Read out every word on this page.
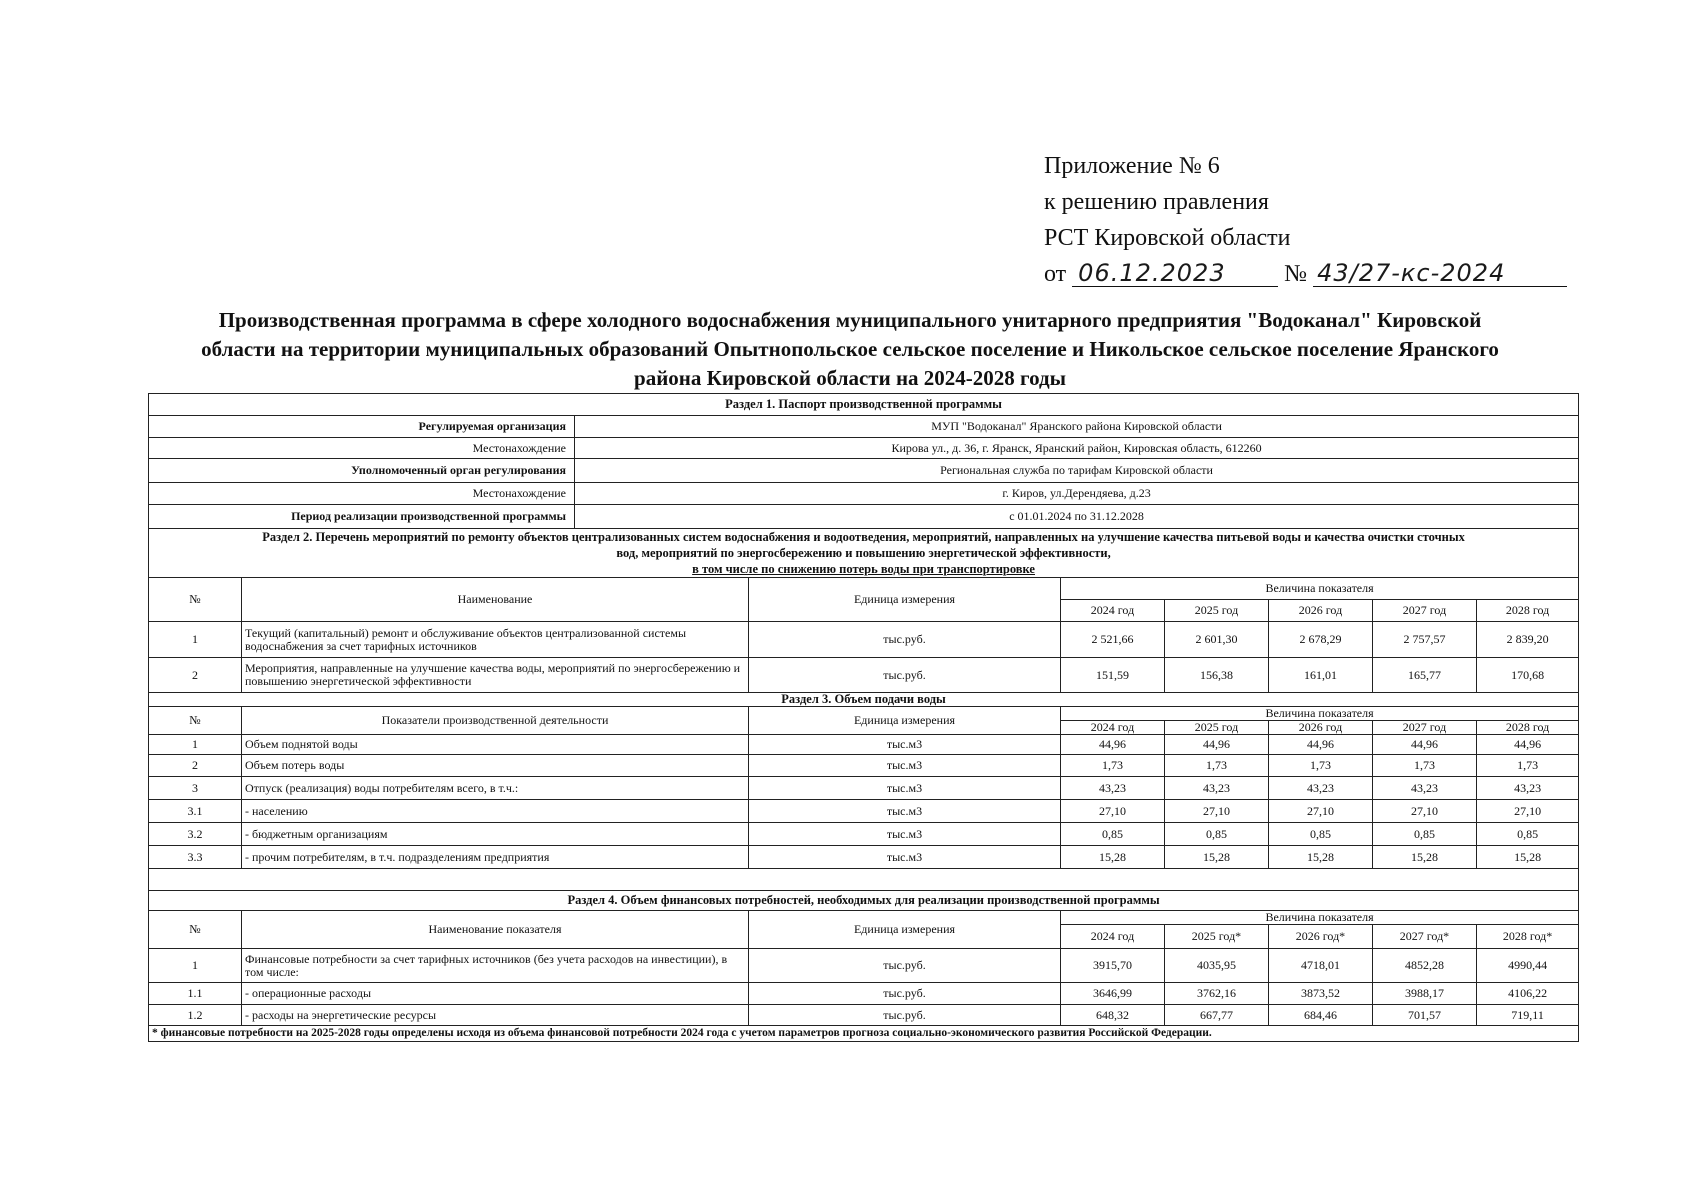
Приложение № 6
к решению правления
РСТ Кировской области
от 06.12.2023 № 43/27-кс-2024
Производственная программа в сфере холодного водоснабжения муниципального унитарного предприятия "Водоканал" Кировской
области на территории муниципальных образований Опытнопольское сельское поселение и Никольское сельское поселение Яранского
района Кировской области на 2024-2028 годы
Раздел 1. Паспорт производственной программы								
Регулируемая организация		МУП "Водоканал" Яранского района Кировской области						
Местонахождение		Кирова ул., д. 36, г. Яранск, Яранский район, Кировская область, 612260						
Уполномоченный орган регулирования		Региональная служба по тарифам Кировской области						
Местонахождение		г. Киров, ул.Дерендяева, д.23						
Период реализации производственной программы		с 01.01.2024 по 31.12.2028						

Раздел 2. Перечень мероприятий по ремонту объектов централизованных систем водоснабжения и водоотведения, мероприятий, направленных на улучшение качества питьевой воды и качества очистки сточных
вод, мероприятий по энергосбережению и повышению энергетической эффективности,
в том числе по снижению потерь воды при транспортировке								

№	Наименование		Единица измерения	Величина показателя				
				2024 год	2025 год	2026 год	2027 год	2028 год
1	Текущий (капитальный) ремонт и обслуживание объектов централизованной системы водоснабжения за счет тарифных источников		тыс.руб.	2 521,66	2 601,30	2 678,29	2 757,57	2 839,20
2	Мероприятия, направленные на улучшение качества воды, мероприятий по энергосбережению и повышению энергетической эффективности		тыс.руб.	151,59	156,38	161,01	165,77	170,68
Раздел 3. Объем подачи воды								
№	Показатели производственной деятельности		Единица измерения	Величина показателя				
				2024 год	2025 год	2026 год	2027 год	2028 год
1	Объем поднятой воды		тыс.м3	44,96	44,96	44,96	44,96	44,96
2	Объем потерь воды		тыс.м3	1,73	1,73	1,73	1,73	1,73
3	Отпуск (реализация) воды потребителям всего, в т.ч.:		тыс.м3	43,23	43,23	43,23	43,23	43,23
3.1	- населению		тыс.м3	27,10	27,10	27,10	27,10	27,10
3.2	- бюджетным организациям		тыс.м3	0,85	0,85	0,85	0,85	0,85
3.3	- прочим потребителям, в т.ч. подразделениям предприятия		тыс.м3	15,28	15,28	15,28	15,28	15,28

Раздел 4. Объем финансовых потребностей, необходимых для реализации производственной программы								
№	Наименование показателя		Единица измерения	Величина показателя				
				2024 год	2025 год*	2026 год*	2027 год*	2028 год*
1	Финансовые потребности за счет тарифных источников (без учета расходов на инвестиции), в том числе:		тыс.руб.	3915,70	4035,95	4718,01	4852,28	4990,44
1.1	- операционные расходы		тыс.руб.	3646,99	3762,16	3873,52	3988,17	4106,22
1.2	- расходы на энергетические ресурсы		тыс.руб.	648,32	667,77	684,46	701,57	719,11
* финансовые потребности на 2025-2028 годы определены исходя из объема финансовой потребности 2024 года с учетом параметров прогноза социально-экономического развития Российской Федерации.								
